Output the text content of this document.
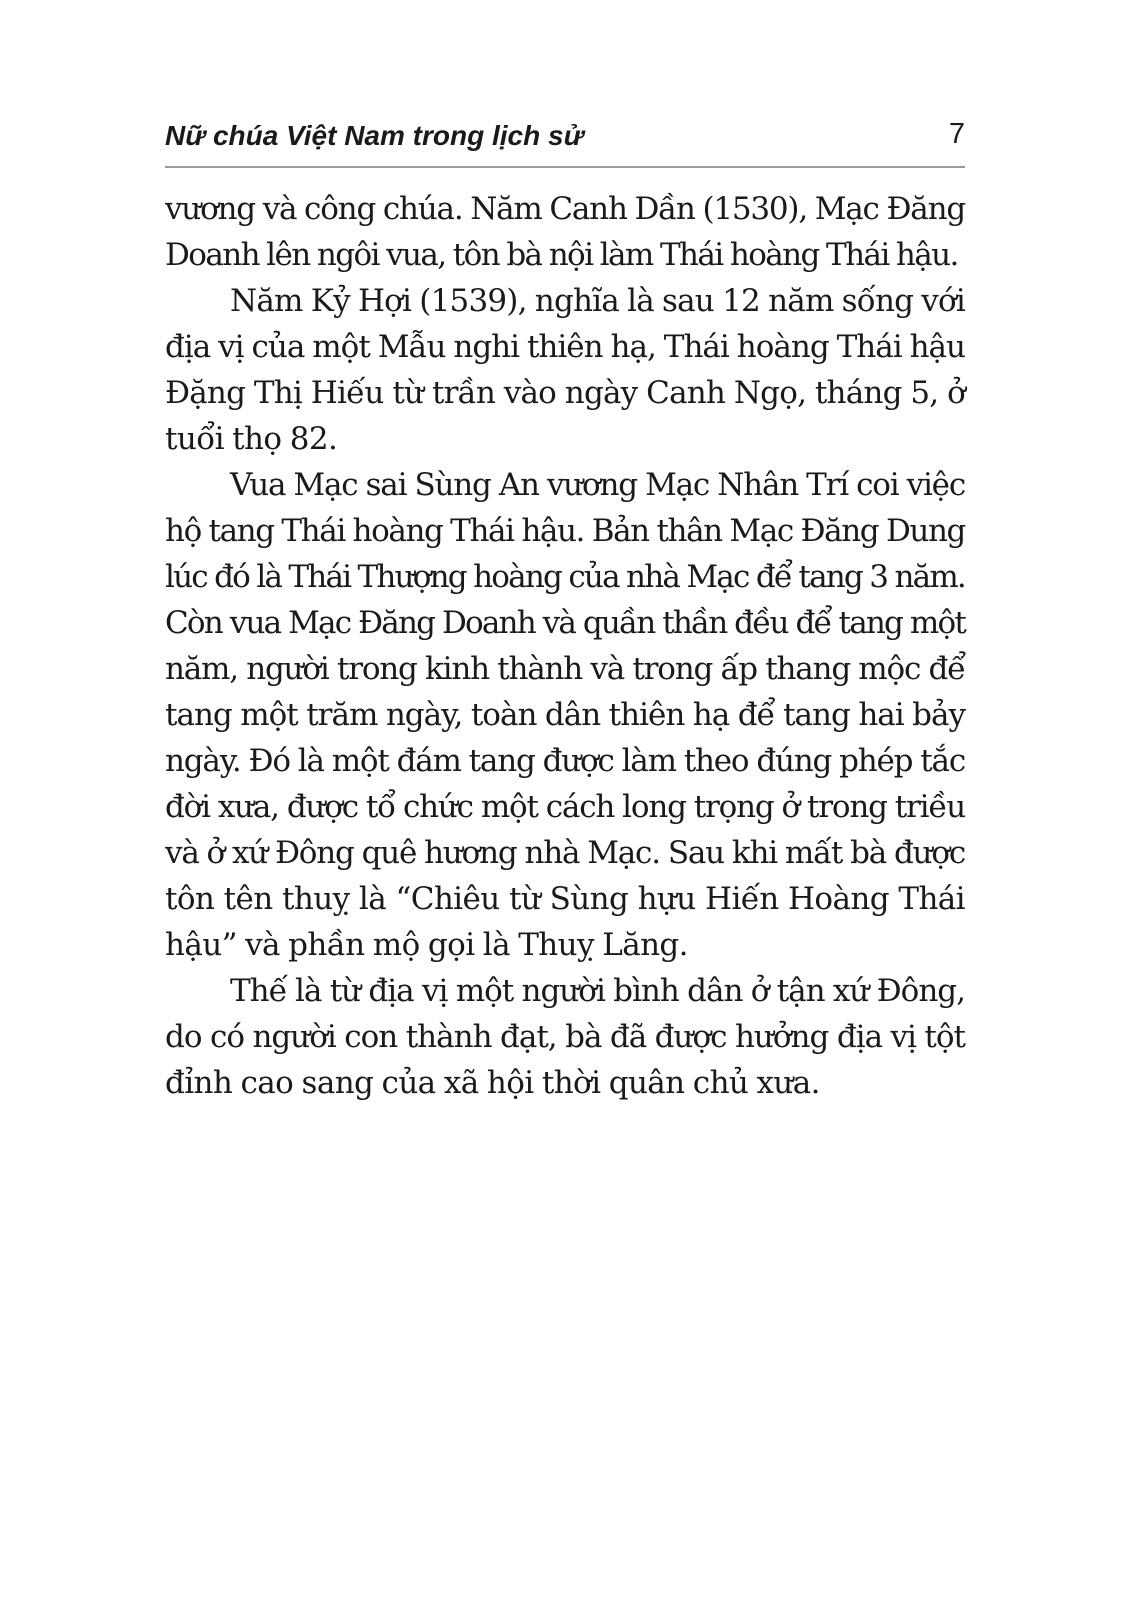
Nữ chúa Việt Nam trong lịch sử	7
vương và công chúa. Năm Canh Dần (1530), Mạc Đăng
Doanh lên ngôi vua, tôn bà nội làm Thái hoàng Thái hậu.
Năm Kỷ Hợi (1539), nghĩa là sau 12 năm sống với
địa vị của một Mẫu nghi thiên hạ, Thái hoàng Thái hậu
Đặng Thị Hiếu từ trần vào ngày Canh Ngọ, tháng 5, ở
tuổi thọ 82.
Vua Mạc sai Sùng An vương Mạc Nhân Trí coi việc
hộ tang Thái hoàng Thái hậu. Bản thân Mạc Đăng Dung
lúc đó là Thái Thượng hoàng của nhà Mạc để tang 3 năm.
Còn vua Mạc Đăng Doanh và quần thần đều để tang một
năm, người trong kinh thành và trong ấp thang mộc để
tang một trăm ngày, toàn dân thiên hạ để tang hai bảy
ngày. Đó là một đám tang được làm theo đúng phép tắc
đời xưa, được tổ chức một cách long trọng ở trong triều
và ở xứ Đông quê hương nhà Mạc. Sau khi mất bà được
tôn tên thuỵ là “Chiêu từ Sùng hựu Hiến Hoàng Thái
hậu” và phần mộ gọi là Thuỵ Lăng.
Thế là từ địa vị một người bình dân ở tận xứ Đông,
do có người con thành đạt, bà đã được hưởng địa vị tột
đỉnh cao sang của xã hội thời quân chủ xưa.
